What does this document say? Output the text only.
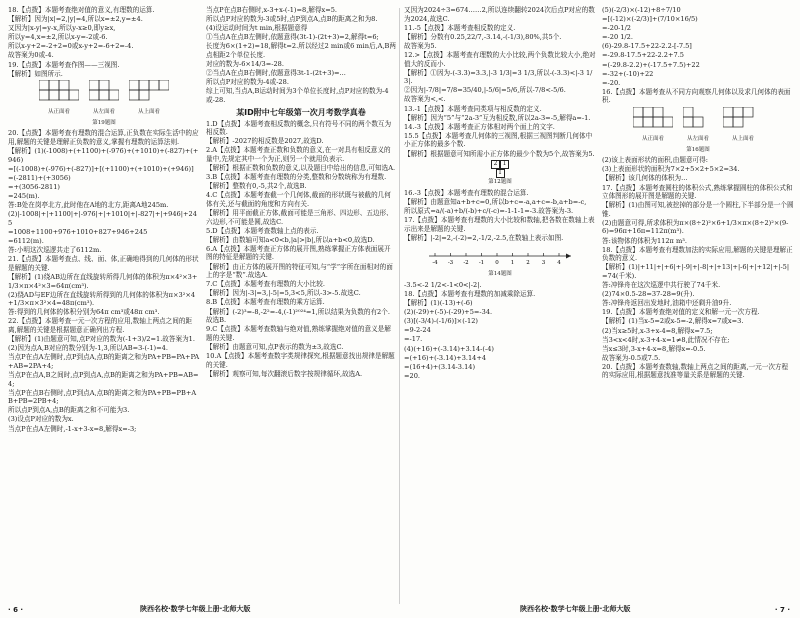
18.【点拨】本题考查绝对值的意义,有理数的运算.

【解析】因为|x|=2,|y|=4,所以x=±2,y=±4.

又因为|x-y|=y-x,所以y-x≥0,即y≥x,

所以y=4,x=±2,所以x-y=-2或-6.

所以x-y+2=-2+2=0或x-y+2=-6+2=-4.

故答案为0或-4.

19.【点拨】本题考查作图——三视图.

【解析】如图所示.

从正面看	从左面看	从上面看
第19题图

20.【点拨】本题考查有理数的混合运算,正负数在实际生活中的应用,解题的关键是理解正负数的意义,掌握有理数的运算法则.

【解析】(1)(-1008)+(+1100)+(-976)+(+1010)+(-827)+(+946)

=[(-1008)+(-976)+(-827)]+[(+1100)+(+1010)+(+946)]

=(-2811)+(+3056)

=+(3056-2811)

=245(m).

答:B处在岗亭北方,此时他在A地的北方,距离A地245m.

(2)|-1008|+|+1100|+|-976|+|+1010|+|-827|+|+946|+245

=1008+1100+976+1010+827+946+245

=6112(m).

答:小明这次巡逻共走了6112m.

21.【点拨】本题考查点、线、面、体,正确地得到的几何体的形状是解题的关键.

【解析】(1)绕AB边所在直线旋转所得几何体的体积为π×4²×3+1/3×π×4²×3=64π(cm³).

(2)绕AD与EF边所在直线旋转所得到的几何体的体积为π×3²×4+1/3×π×3²×4=48π(cm³).

答:得到的几何体的体积分别为64π cm³或48π cm³.

22.【点拨】本题考查一元一次方程的应用,数轴上两点之间的距离,解题的关键是根据题意正确列出方程.

【解析】(1)由题意可知,点P对应的数为(-1+3)/2=1.故答案为1.

(2)因为点A,B对应的数分别为-1,3,所以AB=3-(-1)=4.

当点P在点A左侧时,点P到点A,点B的距离之和为PA+PB=PA+PA+AB=2PA+4;

当点P在点A,B之间时,点P到点A,点B的距离之和为PA+PB=AB=4;

当点P在点B右侧时,点P到点A,点B的距离之和为PA+PB=PB+AB+PB=2PB+4;

所以点P到点A,点B的距离之和不可能为3.

(3)设点P对应的数为x.

当点P在点A左侧时,-1-x+3-x=8,解得x=-3;

当点P在点B右侧时,x-3+x-(-1)=8,解得x=5.

所以点P对应的数为-3或5时,点P到点A,点B的距离之和为8.

(4)设运动时间为t min,根据题意得

①当点A在点B左侧时,依题意得(3t-1)-(2t+3)=2,解得t=6;

长度为6×(1+2)=18,解得t=2.所以经过2 min或6 min后,A,B两点相距2个单位长度.

对应的数为-6×14/3=-28.

②当点A在点B右侧时,依题意得3t-1-(2t+3)=...

所以点P对应的数为-4或-28.

综上可知,当点A,B运动时间为3个单位长度时,点P对应的数为-4或-28.

某ID附中七年级第一次月考数学真卷

1.D【点拨】本题考查相反数的概念,只有符号不同的两个数互为相反数.

【解析】-2027的相反数是2027,故选D.

2.A【点拨】本题考查正数和负数的意义,在一对具有相反意义的量中,先规定其中一个为正,则另一个就用负表示.

【解析】根据正数和负数的意义,以及题目中给出的信息,可知选A.

3.B【点拨】本题考查有理数的分类,整数和分数统称为有理数.

【解析】整数有0,-5,共2个,故选B.

4.C【点拨】本题考查截一个几何体,截面的形状既与被截的几何体有关,还与截面的角度和方向有关.

【解析】用平面截正方体,截面可能是三角形、四边形、五边形、六边形,不可能是圆,故选C.

5.D【点拨】本题考查数轴上点的表示.

【解析】由数轴可知a<0<b,|a|>|b|,所以a+b<0,故选D.

6.A【点拨】本题考查正方体的展开图,熟练掌握正方体表面展开图的特征是解题的关键.

【解析】由正方体的展开图的特征可知,与“学”字所在面相对的面上的字是“数”.故选A.

7.C【点拨】本题考查有理数的大小比较.

【解析】因为|-3|=3,|-5|=5,3<5,所以-3>-5.故选C.

8.B【点拨】本题考查有理数的乘方运算.

【解析】(-2)³=-8,-2²=-4,(-1)²⁰²⁴=1,所以结果为负数的有2个.故选B.

9.C【点拨】本题考查数轴与绝对值,熟练掌握绝对值的意义是解题的关键.

【解析】由题意可知,点P表示的数为±3,故选C.

10.A【点拨】本题考查数字类规律探究,根据题意找出规律是解题的关键.

【解析】观察可知,每次翻滚后数字按规律循环,故选A.

又因为2024÷3=674……2,所以连续翻转2024次后点P对应的数为2024,故选C.

11.-5【点拨】本题考查相反数的定义.

【解析】分数有0.25,22/7,-3.14,-(-1/3),80%,共5个.

故答案为5.

12.>【点拨】本题考查有理数的大小比较,两个负数比较大小,绝对值大的反而小.

【解析】①因为-(-3.3)=3.3,|-3 1/3|=3 1/3,所以-(-3.3)<|-3 1/3|.

②因为|-7/8|=7/8=35/40,|-5/6|=5/6,所以-7/8<-5/6.

故答案为<,<.

13.-1【点拨】本题考查同类项与相反数的定义.

【解析】因为“5”与“2a-3”互为相反数,所以2a-3=-5,解得a=-1.

14.-3【点拨】本题考查正方体相对两个面上的文字.

15.5【点拨】本题考查几何体的三视图,根据三视图判断几何体中小正方体的最多个数.

【解析】根据题意可知所需小正方体的最少个数为5个,故答案为5.

2 1
1
第12题图

16.-3【点拨】本题考查有理数的混合运算.

【解析】由题意知a+b+c=0,所以b+c=-a,a+c=-b,a+b=-c,

所以原式=a/(-a)+b/(-b)+c/(-c)=-1-1-1=-3.故答案为-3.

17.【点拨】本题考查有理数的大小比较和数轴,把各数在数轴上表示出来是解题的关键.

【解析】|-2|=2,-(-2)=2,-1/2,-2.5,在数轴上表示如图.

-4 -3 -2 -1 0 1 2 3 4
第14题图

-3.5<-2 1/2<-1<0<|-2|.

18.【点拨】本题考查有理数的加减乘除运算.

【解析】(1)(-13)+(-6)

(2)(-29)+(-5)-(-29)+5=-34.

(3)[(-3/4)-(-1/6)]×(-12)

=9-2-24

=-17.

(4)(+16)+(-3.14)+3.14-(-4)

=(+16)+(-3.14)+3.14+4

=(16+4)+(3.14-3.14)

=20.

(5)(-2/3)×(-12)+8÷7/10

=[(-12)×(-2/3)]+(7/10×16/5)

=-20-1/2

=-20 1/2.

(6)-29.8-17.5+22-2.2-[-7.5]

=-29.8-17.5+22-2.2+7.5

=(-29.8-2.2)+(-17.5+7.5)+22

=-32+(-10)+22

=-20.

16.【点拨】本题考查从不同方向观察几何体以及求几何体的表面积.

从正面看	从左面看	从上面看
第16题图

(2)该上表面形状的面积,由题意可得:

(3)上表面形状的面积为7×2+5×2+5×2=34.

【解析】该几何体的体积为...

17.【点拨】本题考查圆柱的体积公式,熟练掌握圆柱的体积公式和立体图形的展开图是解题的关键.

【解析】(1)由图可知,被挖掉的部分是一个圆柱,下半部分是一个圆锥.

(2)由题意可得,所求体积为π×(8÷2)²×6+1/3×π×(8÷2)²×(9-6)=96π+16π=112π(m³).

答:该物体的体积为112π m³.

18.【点拨】本题考查有理数加法的实际应用,解题的关键是理解正负数的意义.

【解析】(1)|+11|+|+6|+|-9|+|-8|+|+13|+|-6|+|+12|+|-5|=74(千米).

答:冲锋舟在这次巡逻中共行驶了74千米.

(2)74×0.5-28=37-28=9(升).

答:冲锋舟返回出发地时,油箱中还剩升油9升.

19.【点拨】本题考查绝对值的定义和解一元一次方程.

【解析】(1)当x-5=2或x-5=-2,解得x=7或x=3.

(2)当x≥5时,x-3+x-4=8,解得x=7.5;

当3<x<4时,x-3+4-x=1≠8,此情况不存在;

当x≤3时,3-x+4-x=8,解得x=-0.5.

故答案为-0.5或7.5.

20.【点拨】本题考查数轴,数轴上两点之间的距离,一元一次方程的实际应用,根据题意找准等量关系是解题的关键.

· 6 ·	陕西名校·数学七年级上册·北师大版	陕西名校·数学七年级上册·北师大版	· 7 ·
